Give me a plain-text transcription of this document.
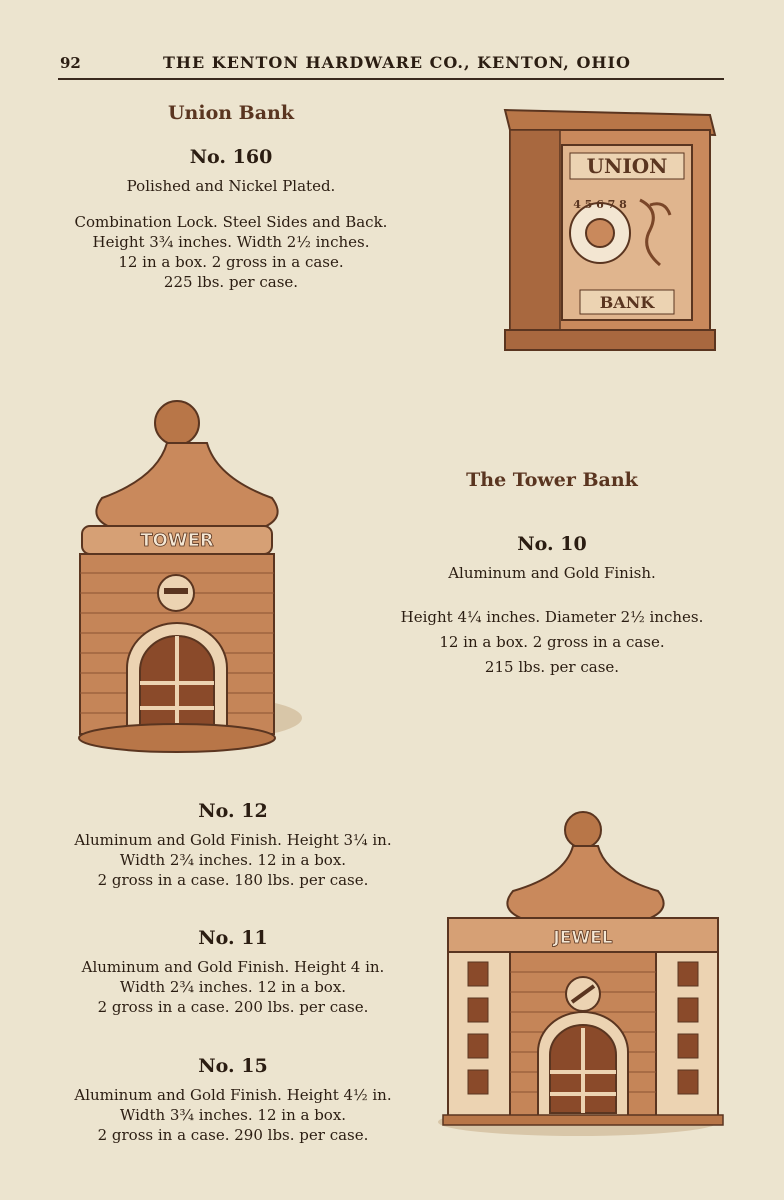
92	THE KENTON HARDWARE CO., KENTON, OHIO
Union Bank
No. 160
Polished and Nickel Plated.
Combination Lock. Steel Sides and Back.
Height 3¾ inches. Width 2½ inches.
12 in a box. 2 gross in a case.
225 lbs. per case.
UNION
4 5 6 7 8
BANK
TOWER
The Tower Bank
No. 10
Aluminum and Gold Finish.
Height 4¼ inches. Diameter 2½ inches.
12 in a box. 2 gross in a case.
215 lbs. per case.
No. 12
Aluminum and Gold Finish. Height 3¼ in.
Width 2¾ inches. 12 in a box.
2 gross in a case. 180 lbs. per case.
No. 11
Aluminum and Gold Finish. Height 4 in.
Width 2¾ inches. 12 in a box.
2 gross in a case. 200 lbs. per case.
No. 15
Aluminum and Gold Finish. Height 4½ in.
Width 3¾ inches. 12 in a box.
2 gross in a case. 290 lbs. per case.
JEWEL
